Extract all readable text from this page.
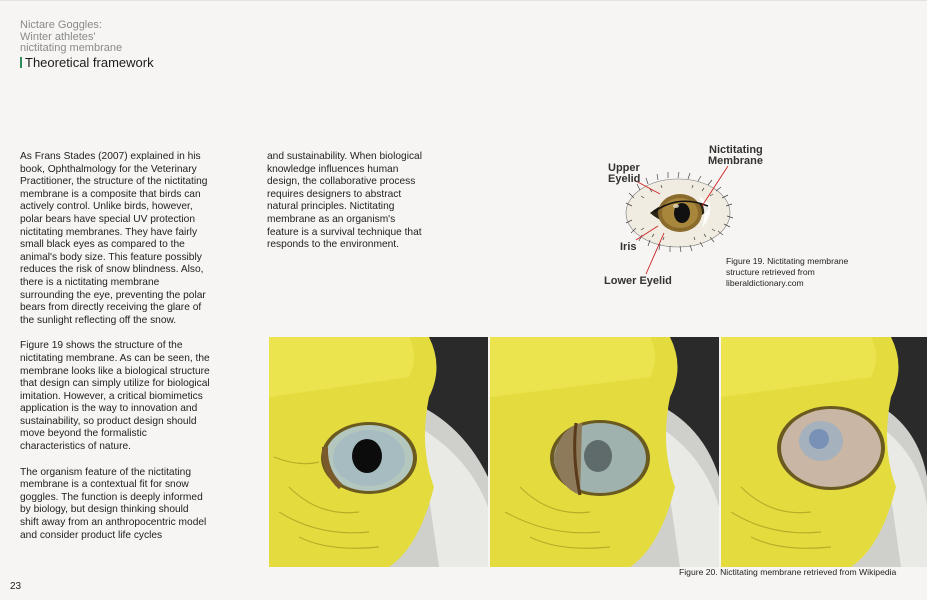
Nictare Goggles:
Winter athletes'
nictitating membrane
Theoretical framework

As Frans Stades (2007) explained in his book, Ophthalmology for the Veterinary Practitioner, the structure of the nictitating membrane is a composite that birds can actively control. Unlike birds, however, polar bears have special UV protection nictitating membranes. They have fairly small black eyes as compared to the animal's body size. This feature possibly reduces the risk of snow blindness. Also, there is a nictitating membrane surrounding the eye, preventing the polar bears from directly receiving the glare of the sunlight reflecting off the snow.

Figure 19 shows the structure of the nictitating membrane. As can be seen, the membrane looks like a biological structure that design can simply utilize for biological imitation. However, a critical biomimetics application is the way to innovation and sustainability, so product design should move beyond the formalistic characteristics of nature.

The organism feature of the nictitating membrane is a contextual fit for snow goggles. The function is deeply informed by biology, but design thinking should shift away from an anthropocentric model and consider product life cycles

and sustainability. When biological knowledge influences human design, the collaborative process requires designers to abstract natural principles. Nictitating membrane as an organism's feature is a survival technique that responds to the environment.

Nictitating
Membrane
Upper
Eyelid
Iris
Lower Eyelid
Figure 19. Nictitating membrane structure retrieved from liberaldictionary.com
Figure 20. Nictitating membrane retrieved from Wikipedia
23
